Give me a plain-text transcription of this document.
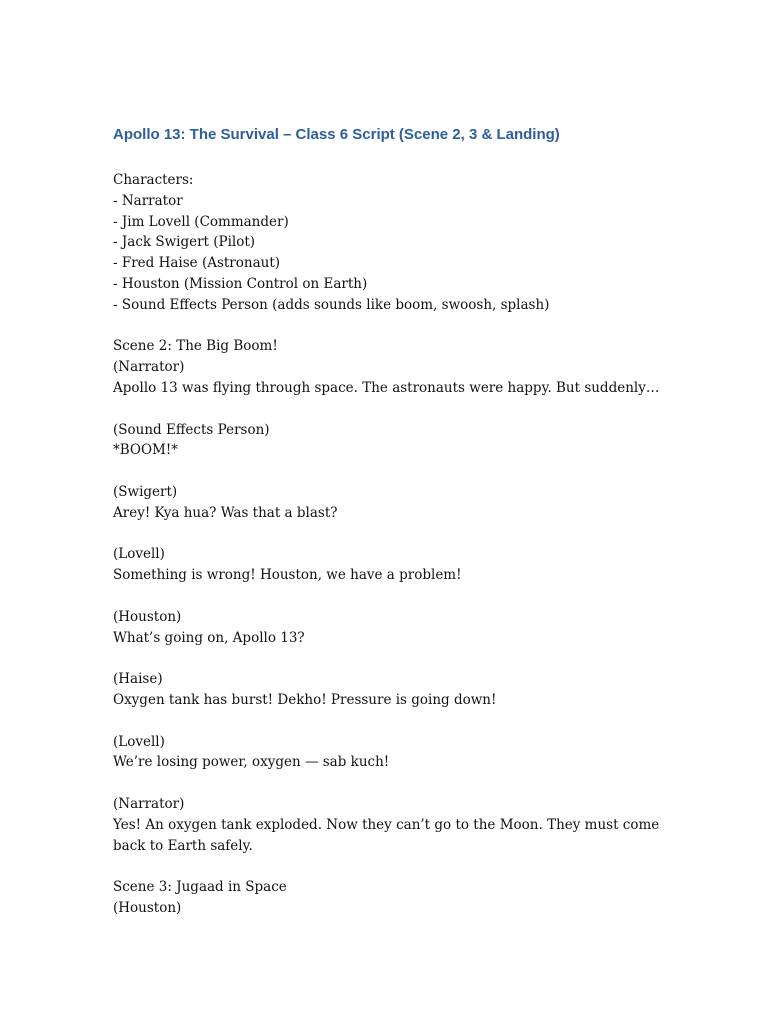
Apollo 13: The Survival – Class 6 Script (Scene 2, 3 & Landing)
Characters:
- Narrator
- Jim Lovell (Commander)
- Jack Swigert (Pilot)
- Fred Haise (Astronaut)
- Houston (Mission Control on Earth)
- Sound Effects Person (adds sounds like boom, swoosh, splash)
Scene 2: The Big Boom!
(Narrator)
Apollo 13 was flying through space. The astronauts were happy. But suddenly…
(Sound Effects Person)
*BOOM!*
(Swigert)
Arey! Kya hua? Was that a blast?
(Lovell)
Something is wrong! Houston, we have a problem!
(Houston)
What’s going on, Apollo 13?
(Haise)
Oxygen tank has burst! Dekho! Pressure is going down!
(Lovell)
We’re losing power, oxygen — sab kuch!
(Narrator)
Yes! An oxygen tank exploded. Now they can’t go to the Moon. They must come back to Earth safely.
Scene 3: Jugaad in Space
(Houston)
